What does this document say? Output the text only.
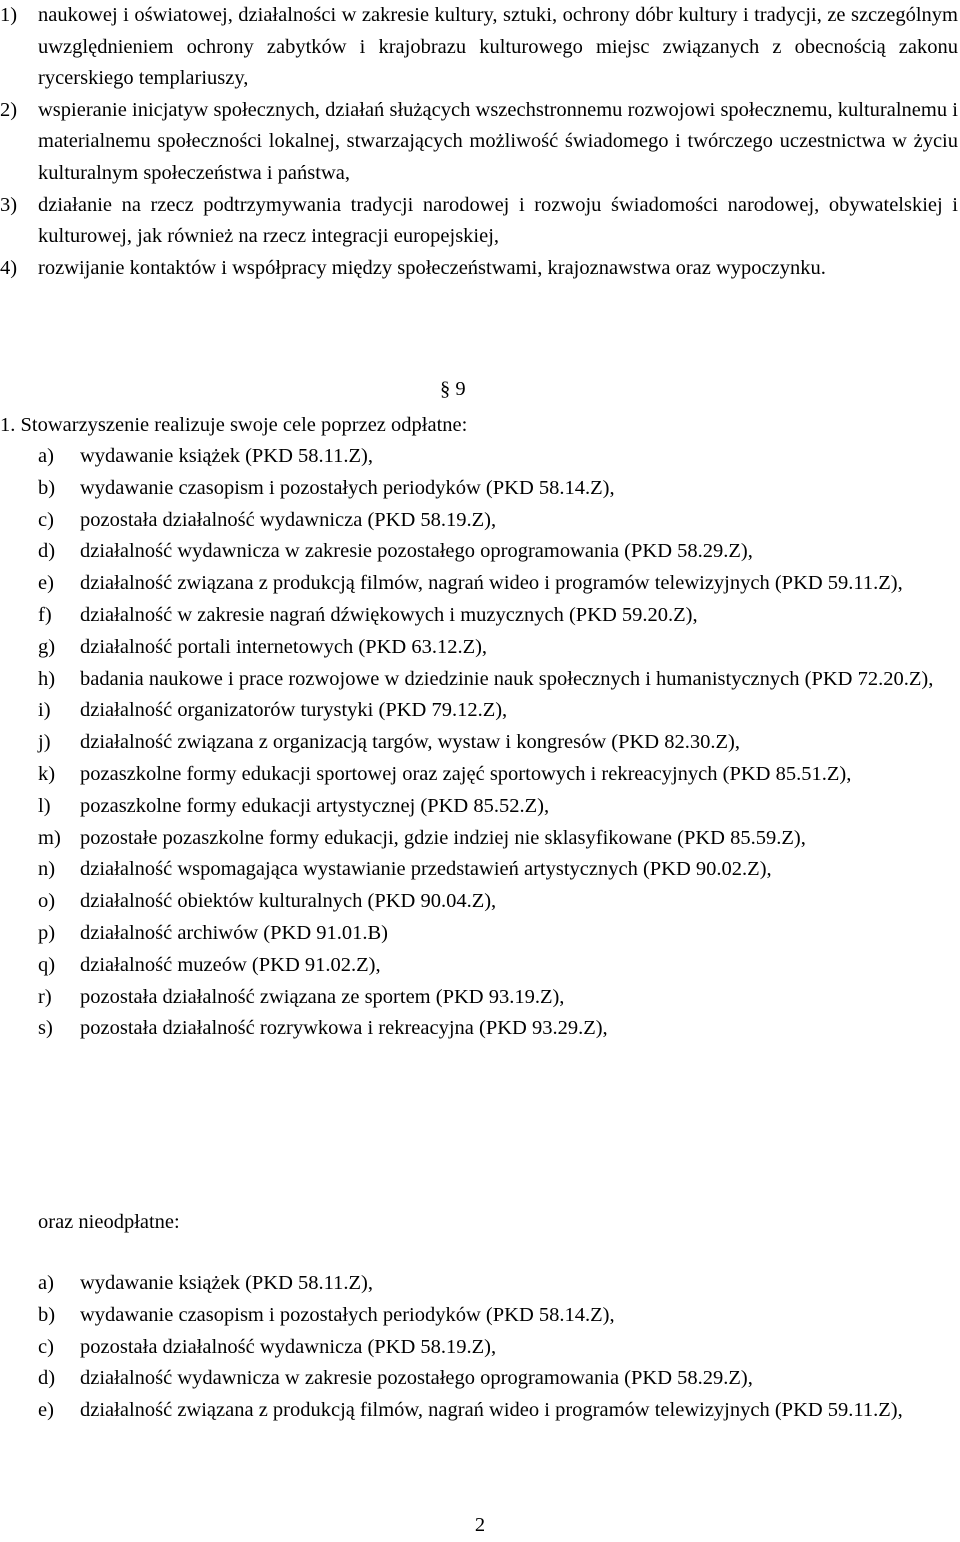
1)	naukowej i oświatowej, działalności w zakresie kultury, sztuki, ochrony dóbr kultury i tradycji, ze szczególnym uwzględnieniem ochrony zabytków i krajobrazu kulturowego miejsc związanych z obecnością zakonu rycerskiego templariuszy,
2)	wspieranie inicjatyw społecznych, działań służących wszechstronnemu rozwojowi społecznemu, kulturalnemu i materialnemu społeczności lokalnej, stwarzających możliwość świadomego i twórczego uczestnictwa w życiu kulturalnym społeczeństwa i państwa,
3)	działanie na rzecz podtrzymywania tradycji narodowej i rozwoju świadomości narodowej, obywatelskiej i kulturowej, jak również na rzecz integracji europejskiej,
4)	rozwijanie kontaktów i współpracy między społeczeństwami, krajoznawstwa oraz wypoczynku.
§ 9
1. Stowarzyszenie realizuje swoje cele poprzez odpłatne:
a)	wydawanie książek (PKD 58.11.Z),
b)	wydawanie czasopism i pozostałych periodyków (PKD 58.14.Z),
c)	pozostała działalność wydawnicza (PKD 58.19.Z),
d)	działalność wydawnicza w zakresie pozostałego oprogramowania (PKD 58.29.Z),
e)	działalność związana z produkcją filmów, nagrań wideo i programów telewizyjnych (PKD 59.11.Z),
f)	działalność w zakresie nagrań dźwiękowych i muzycznych (PKD 59.20.Z),
g)	działalność portali internetowych (PKD 63.12.Z),
h)	badania naukowe i prace rozwojowe w dziedzinie nauk społecznych i humanistycznych (PKD 72.20.Z),
i)	działalność organizatorów turystyki (PKD 79.12.Z),
j)	działalność związana z organizacją targów, wystaw i kongresów (PKD 82.30.Z),
k)	pozaszkolne formy edukacji sportowej oraz zajęć sportowych i rekreacyjnych (PKD 85.51.Z),
l)	pozaszkolne formy edukacji artystycznej (PKD 85.52.Z),
m) pozostałe pozaszkolne formy edukacji, gdzie indziej nie sklasyfikowane (PKD 85.59.Z),
n)	działalność wspomagająca wystawianie przedstawień artystycznych (PKD 90.02.Z),
o)	działalność obiektów kulturalnych (PKD 90.04.Z),
p)	działalność archiwów (PKD 91.01.B)
q)	działalność muzeów (PKD 91.02.Z),
r)	pozostała działalność związana ze sportem (PKD 93.19.Z),
s)	pozostała działalność rozrywkowa i rekreacyjna (PKD 93.29.Z),
oraz nieodpłatne:
a)	wydawanie książek (PKD 58.11.Z),
b)	wydawanie czasopism i pozostałych periodyków (PKD 58.14.Z),
c)	pozostała działalność wydawnicza (PKD 58.19.Z),
d)	działalność wydawnicza w zakresie pozostałego oprogramowania (PKD 58.29.Z),
e)	działalność związana z produkcją filmów, nagrań wideo i programów telewizyjnych (PKD 59.11.Z),
2
